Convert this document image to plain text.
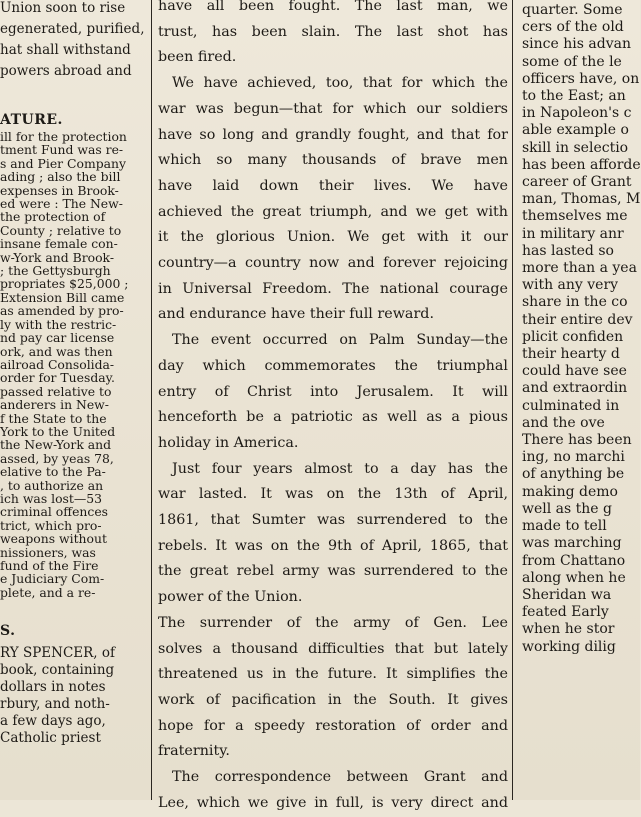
Union soon to rise
egenerated, purified,
hat shall withstand
powers abroad and
ATURE.
ill for the protection
tment Fund was re-
s and Pier Company
ading ; also the bill
expenses in Brook-
ed were : The New-
the protection of
County ; relative to
insane female con-
w-York and Brook-
; the Gettysburgh
propriates $25,000 ;
Extension Bill came
as amended by pro-
ly with the restric-
nd pay car license
ork, and was then
ailroad Consolida-
order for Tuesday.
passed relative to
anderers in New-
f the State to the
York to the United
the New-York and
assed, by yeas 78,
elative to the Pa-
, to authorize an
ich was lost—53
criminal offences
trict, which pro-
weapons without
nissioners, was
fund of the Fire
e Judiciary Com-
plete, and a re-
S.
RY SPENCER, of
book, containing
dollars in notes
rbury, and noth-
a few days ago,
Catholic priest
have all been fought. The last man, we
trust, has been slain. The last shot has
been fired.
We have achieved, too, that for which the
war was begun—that for which our soldiers
have so long and grandly fought, and that for
which so many thousands of brave men
have laid down their lives. We have
achieved the great triumph, and we get with
it the glorious Union. We get with it our
country—a country now and forever rejoicing
in Universal Freedom. The national courage
and endurance have their full reward.
The event occurred on Palm Sunday—the
day which commemorates the triumphal
entry of Christ into Jerusalem. It will
henceforth be a patriotic as well as a pious
holiday in America.
Just four years almost to a day has the
war lasted. It was on the 13th of April,
1861, that Sumter was surrendered to the
rebels. It was on the 9th of April, 1865, that
the great rebel army was surrendered to the
power of the Union.
The surrender of the army of Gen. Lee
solves a thousand difficulties that but lately
threatened us in the future. It simplifies the
work of pacification in the South. It gives
hope for a speedy restoration of order and
fraternity.
The correspondence between Grant and
Lee, which we give in full, is very direct and
quarter. Some
cers of the old
since his advan
some of the le
officers have, on
to the East; an
in Napoleon's c
able example o
skill in selectio
has been afforde
career of Grant
man, Thomas, M
themselves me
in military anr
has lasted so
more than a yea
with any very
share in the co
their entire dev
plicit confiden
their hearty d
could have see
and extraordin
culminated in
and the ove
There has been
ing, no marchi
of anything be
making demo
well as the g
made to tell
was marching
from Chattano
along when he
Sheridan wa
feated Early
when he stor
working dilig
